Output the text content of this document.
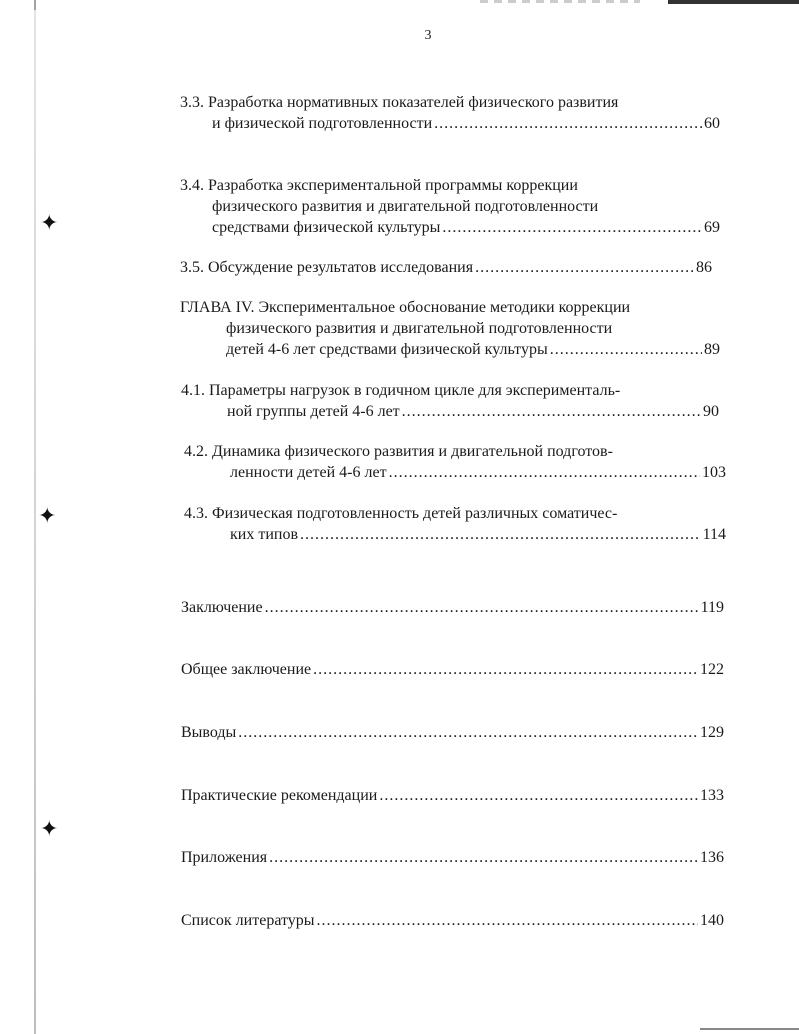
✦
✦
✦
3
3.3. Разработка нормативных показателей физического развития
и физической подготовленности .....	60
3.4. Разработка экспериментальной программы коррекции
физического развития и двигательной подготовленности
средствами физической культуры .....	69
3.5. Обсуждение результатов исследования .....	86
ГЛАВА IV. Экспериментальное обоснование методики коррекции
физического развития и двигательной подготовленности
детей 4-6 лет средствами физической культуры .....	89
4.1. Параметры нагрузок в годичном цикле для эксперименталь-
ной группы детей 4-6 лет .....	90
4.2. Динамика физического развития и двигательной подготов-
ленности детей 4-6 лет .....	103
4.3. Физическая подготовленность детей различных соматичес-
ких типов .....	114
Заключение .....	119
Общее заключение .....	122
Выводы .....	129
Практические рекомендации .....	133
Приложения .....	136
Список литературы .....	140
